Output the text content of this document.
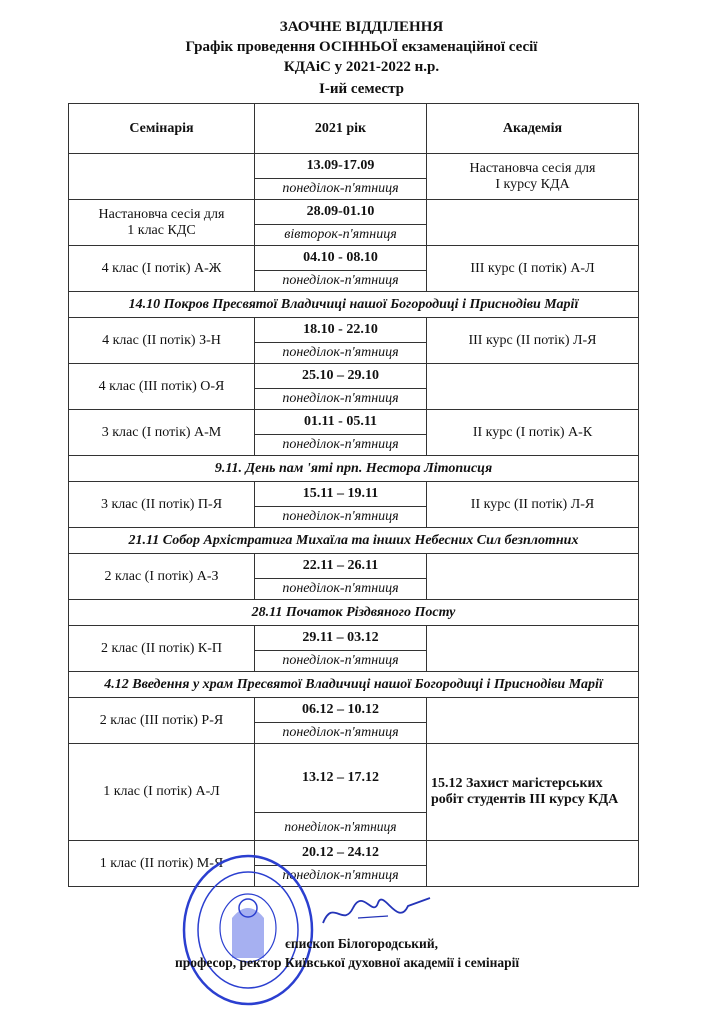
ЗАОЧНЕ ВІДДІЛЕННЯ
Графік проведення ОСІННЬОЇ екзаменаційної сесії
КДАіС у 2021-2022 н.р.
І-ий семестр
Семінарія	2021 рік	Академія
	13.09-17.09	Настановча сесія для
І курсу КДА
	понеділок-п'ятниця	
Настановча сесія для
1 клас КДС	28.09-01.10	
	вівторок-п'ятниця	
4 клас (І потік) А-Ж	04.10 - 08.10	ІІІ курс (І потік) А-Л
	понеділок-п'ятниця	
14.10 Покров Пресвятої Владичиці нашої Богородиці і Приснодіви Марії		
4 клас (ІІ потік) З-Н	18.10 - 22.10	ІІІ курс (ІІ потік) Л-Я
	понеділок-п'ятниця	
4 клас (ІІІ потік) О-Я	25.10 – 29.10	
	понеділок-п'ятниця	
3 клас (І потік) А-М	01.11 - 05.11	ІІ курс (І потік) А-К
	понеділок-п'ятниця	
9.11. День пам 'яті прп. Нестора Літописця		
3 клас (ІІ потік) П-Я	15.11 – 19.11	ІІ курс (ІІ потік) Л-Я
	понеділок-п'ятниця	
21.11 Собор Архістратига Михаїла та інших Небесних Сил безплотних		
2 клас (І потік) А-З	22.11 – 26.11	
	понеділок-п'ятниця	
28.11 Початок Різдвяного Посту		
2 клас (ІІ потік) К-П	29.11 – 03.12	
	понеділок-п'ятниця	
4.12 Введення у храм Пресвятої Владичиці нашої Богородиці і Приснодіви Марії		
2 клас (ІІІ потік) Р-Я	06.12 – 10.12	
	понеділок-п'ятниця	
1 клас (І потік) А-Л	13.12 – 17.12	15.12 Захист магістерських робіт студентів ІІІ курсу КДА
	понеділок-п'ятниця	
1 клас (ІІ потік) М-Я	20.12 – 24.12	
	понеділок-п'ятниця	
єпископ Білогородський,
професор, ректор Київської духовної академії і семінарії
